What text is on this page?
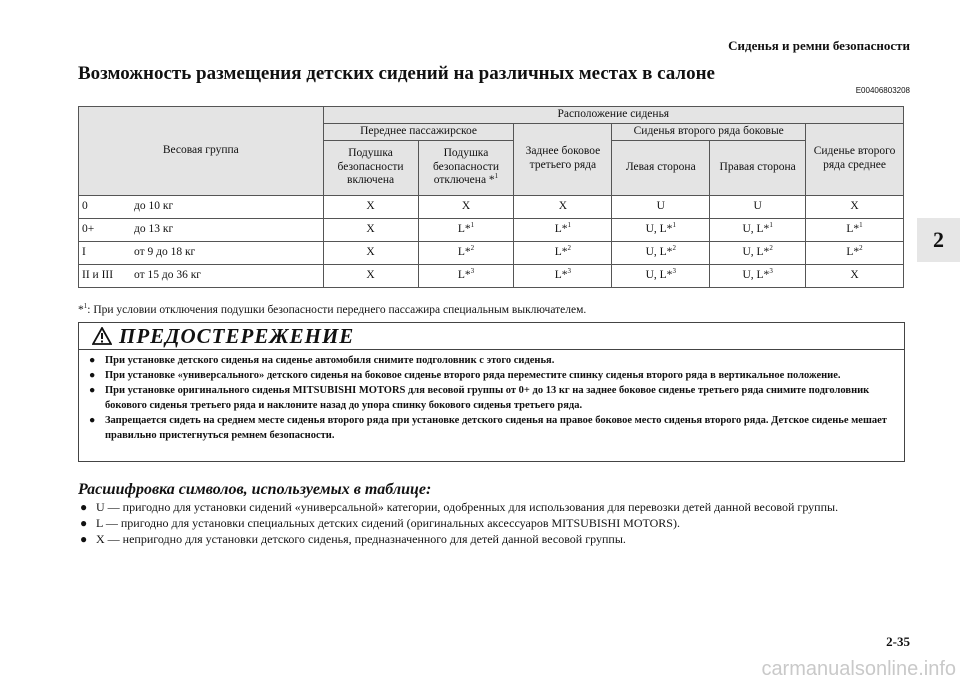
Сиденья и ремни безопасности
Возможность размещения детских сидений на различных местах в салоне
E00406803208
2
Весовая группа	Расположение сиденья					
	Переднее пассажирское		Заднее боковое третьего ряда	Сиденья второго ряда боковые		Сиденье второго ряда среднее
	Подушка безопасности включена	Подушка безопасности отключена *$^1$		Левая сторона	Правая сторона	

0 до 10 кг	X	X	X	U	U	X

0+ до 13 кг	X	L*$^1$	L*$^1$	U, L*$^1$	U, L*$^1$	L*$^1$

I от 9 до 18 кг	X	L*$^2$	L*$^2$	U, L*$^2$	U, L*$^2$	L*$^2$

II и III от 15 до 36 кг	X	L*$^3$	L*$^3$	U, L*$^3$	U, L*$^3$	X
*$^1$: При условии отключения подушки безопасности переднего пассажира специальным выключателем.
ПРЕДОСТЕРЕЖЕНИЕ
● При установке детского сиденья на сиденье автомобиля снимите подголовник с этого сиденья.
● При установке «универсального» детского сиденья на боковое сиденье второго ряда переместите спинку сиденья второго ряда в вертикальное положение.
● При установке оригинального сиденья MITSUBISHI MOTORS для весовой группы от 0+ до 13 кг на заднее боковое сиденье третьего ряда снимите подголовник бокового сиденья третьего ряда и наклоните назад до упора спинку бокового сиденья третьего ряда.
● Запрещается сидеть на среднем месте сиденья второго ряда при установке детского сиденья на правое боковое место сиденья второго ряда. Детское сиденье мешает правильно пристегнуться ремнем безопасности.
Расшифровка символов, используемых в таблице:
● U — пригодно для установки сидений «универсальной» категории, одобренных для использования для перевозки детей данной весовой группы.
● L — пригодно для установки специальных детских сидений (оригинальных аксессуаров MITSUBISHI MOTORS).
● X — непригодно для установки детского сиденья, предназначенного для детей данной весовой группы.
2-35
carmanualsonline.info
